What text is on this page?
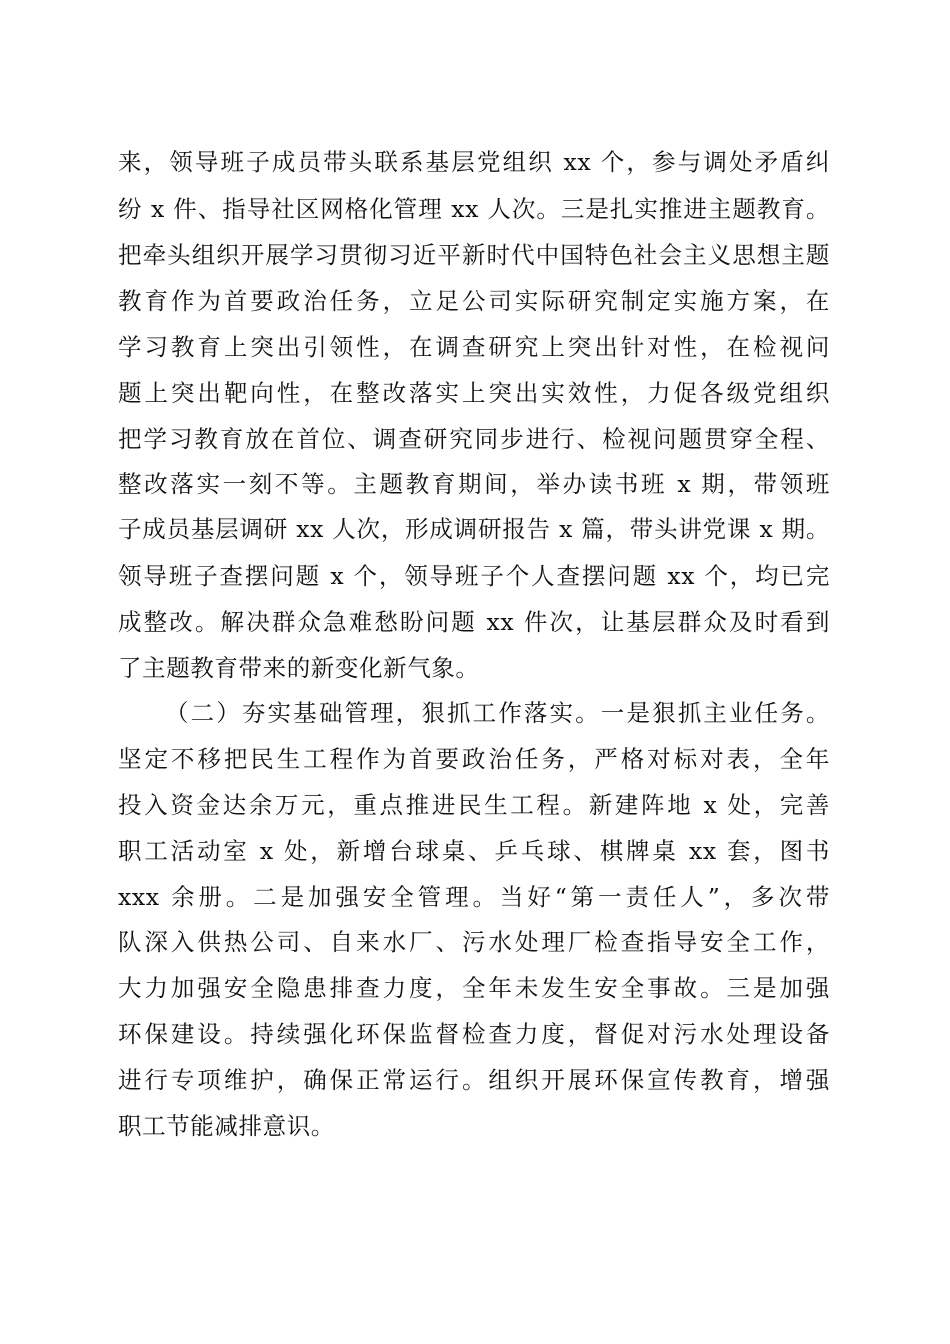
来，领导班子成员带头联系基层党组织 xx 个，参与调处矛盾纠
纷 x 件、指导社区网格化管理 xx 人次。三是扎实推进主题教育。
把牵头组织开展学习贯彻习近平新时代中国特色社会主义思想主题
教育作为首要政治任务，立足公司实际研究制定实施方案，在
学习教育上突出引领性，在调查研究上突出针对性，在检视问
题上突出靶向性，在整改落实上突出实效性，力促各级党组织
把学习教育放在首位、调查研究同步进行、检视问题贯穿全程、
整改落实一刻不等。主题教育期间，举办读书班 x 期，带领班
子成员基层调研 xx 人次，形成调研报告 x 篇，带头讲党课 x 期。
领导班子查摆问题 x 个，领导班子个人查摆问题 xx 个，均已完
成整改。解决群众急难愁盼问题 xx 件次，让基层群众及时看到
了主题教育带来的新变化新气象。
（二）夯实基础管理，狠抓工作落实。一是狠抓主业任务。
坚定不移把民生工程作为首要政治任务，严格对标对表，全年
投入资金达余万元，重点推进民生工程。新建阵地 x 处，完善
职工活动室 x 处，新增台球桌、乒乓球、棋牌桌 xx 套，图书
xxx 余册。二是加强安全管理。当好“第一责任人”，多次带
队深入供热公司、自来水厂、污水处理厂检查指导安全工作，
大力加强安全隐患排查力度，全年未发生安全事故。三是加强
环保建设。持续强化环保监督检查力度，督促对污水处理设备
进行专项维护，确保正常运行。组织开展环保宣传教育，增强
职工节能减排意识。
